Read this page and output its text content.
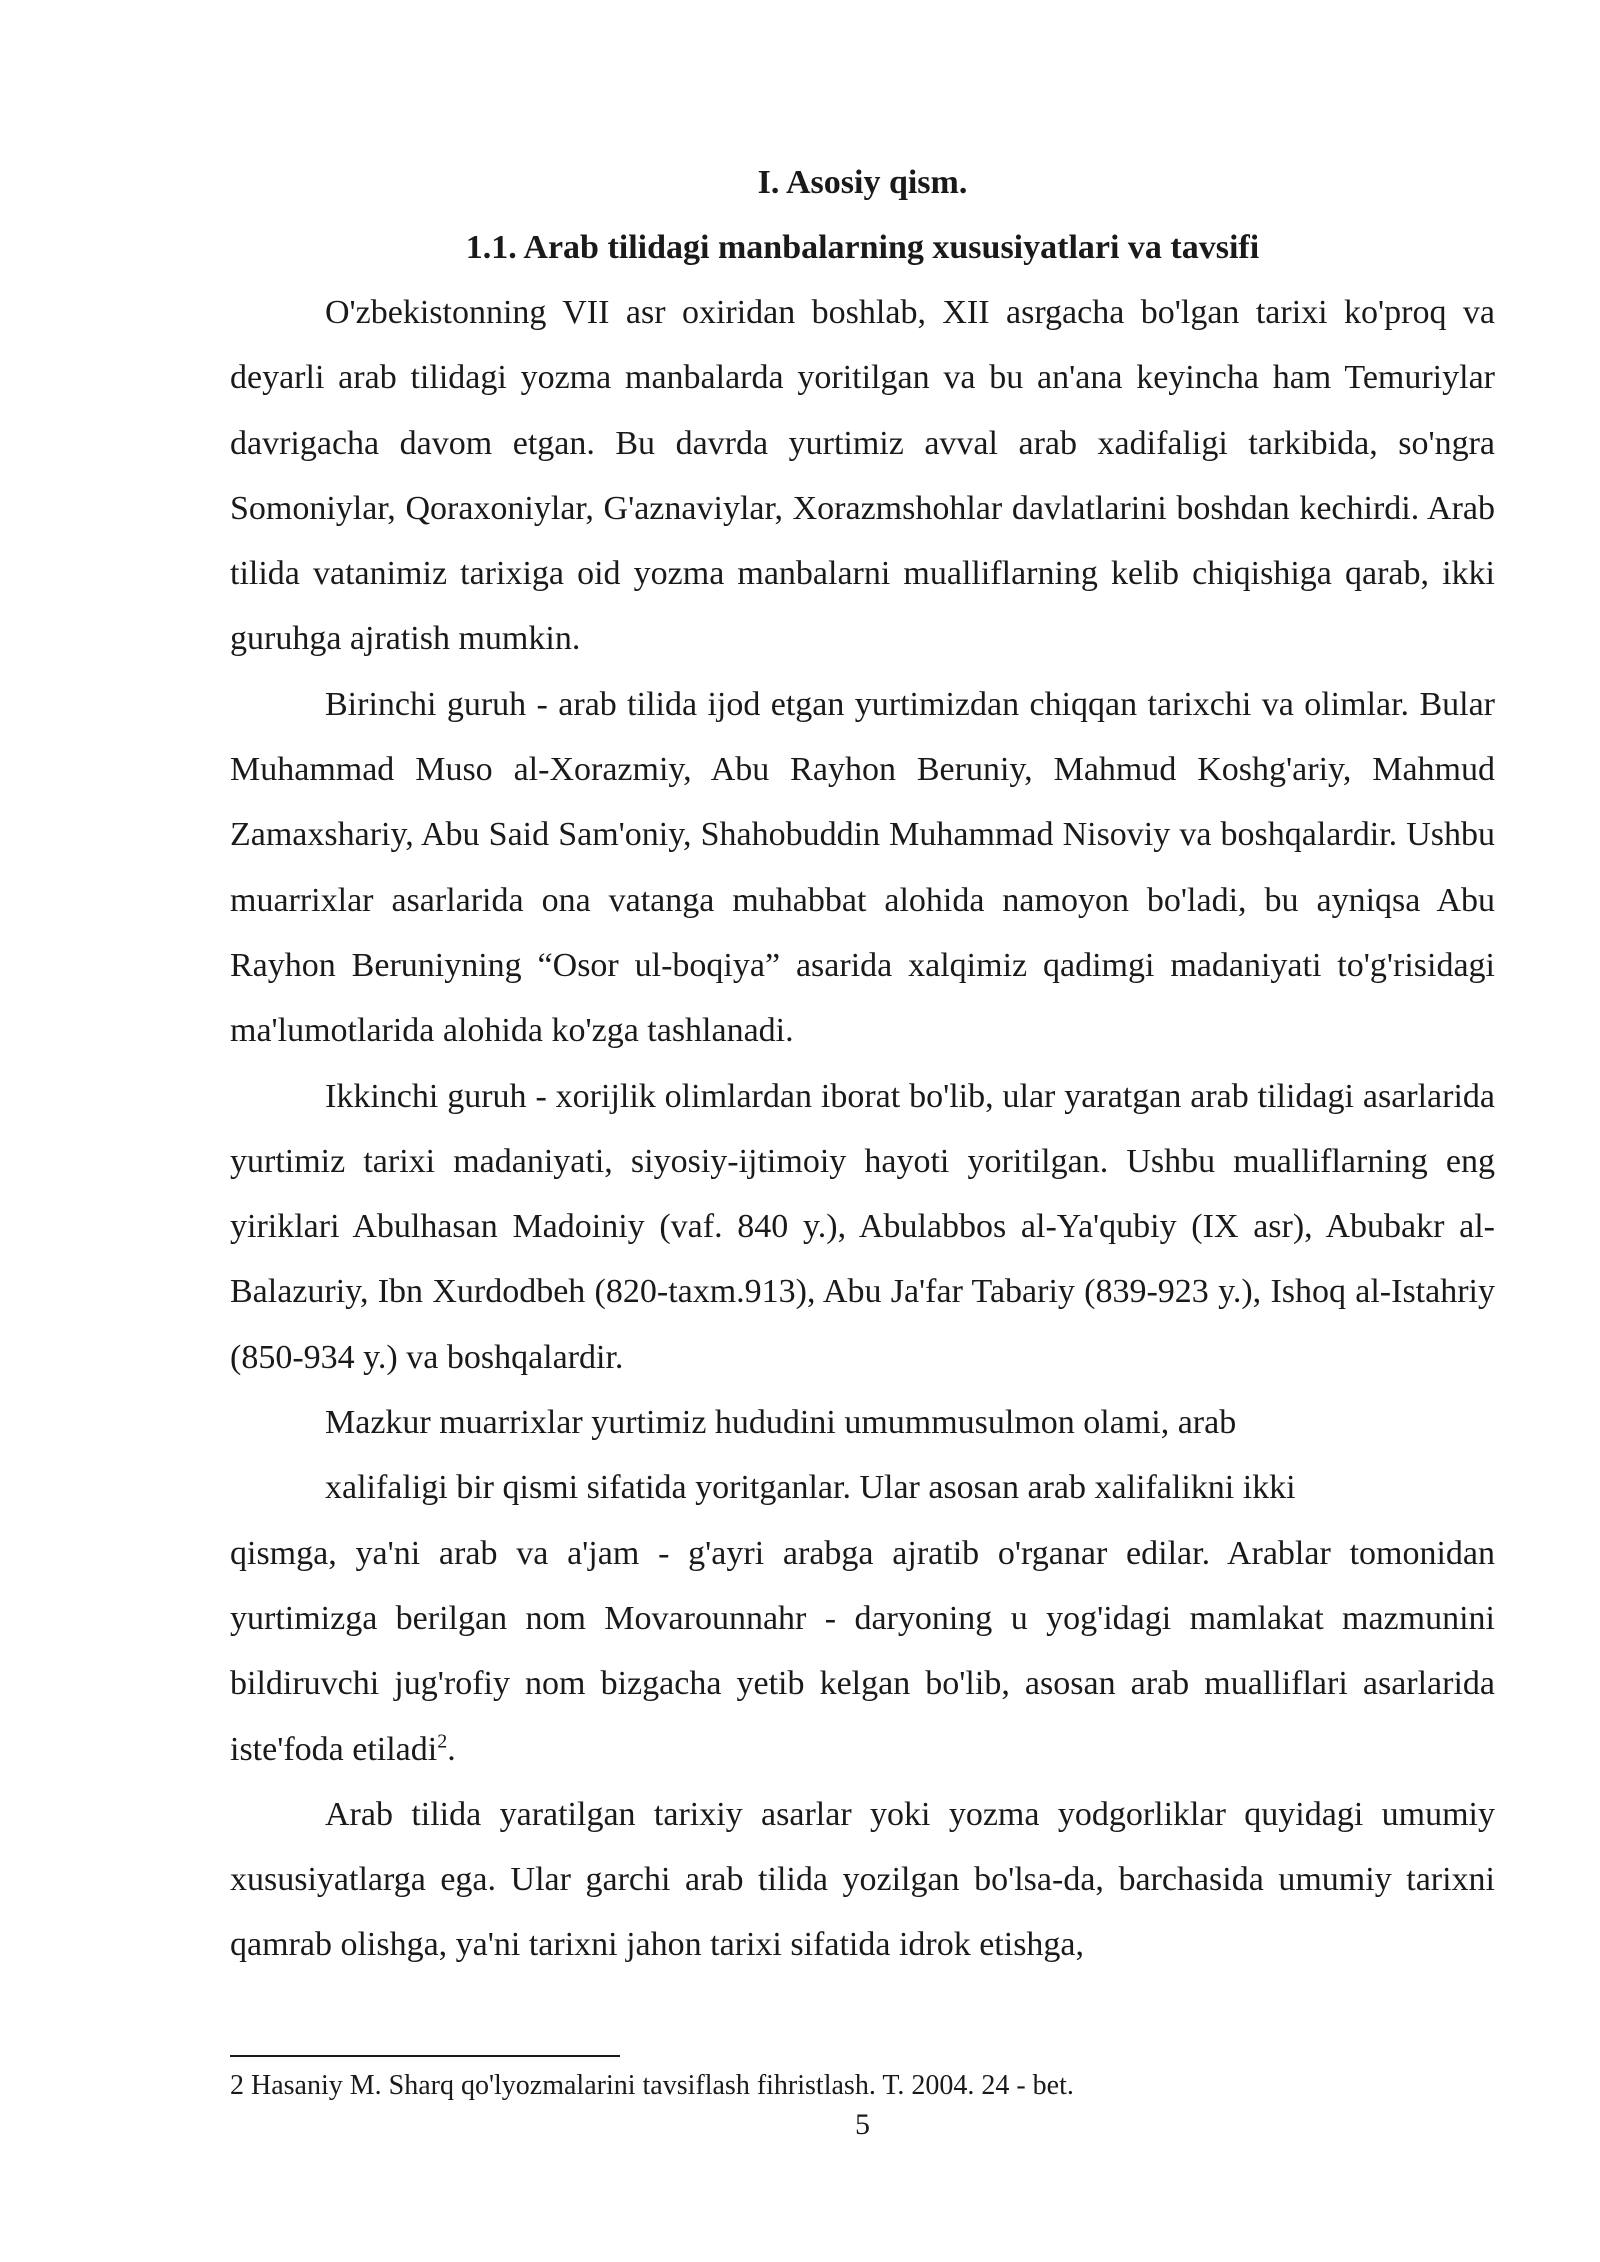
I. Asosiy qism.

1.1. Arab tilidagi manbalarning xususiyatlari va tavsifi

O'zbekistonning VII asr oxiridan boshlab, XII asrgacha bo'lgan tarixi ko'proq va deyarli arab tilidagi yozma manbalarda yoritilgan va bu an'ana keyincha ham Temuriylar davrigacha davom etgan. Bu davrda yurtimiz avval arab xadifaligi tarkibida, so'ngra Somoniylar, Qoraxoniylar, G'aznaviylar, Xorazmshohlar davlatlarini boshdan kechirdi. Arab tilida vatanimiz tarixiga oid yozma manbalarni mualliflarning kelib chiqishiga qarab, ikki guruhga ajratish mumkin.

Birinchi guruh - arab tilida ijod etgan yurtimizdan chiqqan tarixchi va olimlar. Bular Muhammad Muso al-Xorazmiy, Abu Rayhon Beruniy, Mahmud Koshg'ariy, Mahmud Zamaxshariy, Abu Said Sam'oniy, Shahobuddin Muhammad Nisoviy va boshqalardir. Ushbu muarrixlar asarlarida ona vatanga muhabbat alohida namoyon bo'ladi, bu ayniqsa Abu Rayhon Beruniyning “Osor ul-boqiya” asarida xalqimiz qadimgi madaniyati to'g'risidagi ma'lumotlarida alohida ko'zga tashlanadi.

Ikkinchi guruh - xorijlik olimlardan iborat bo'lib, ular yaratgan arab tilidagi asarlarida yurtimiz tarixi madaniyati, siyosiy-ijtimoiy hayoti yoritilgan. Ushbu mualliflarning eng yiriklari Abulhasan Madoiniy (vaf. 840 y.), Abulabbos al-Ya'qubiy (IX asr), Abubakr al-Balazuriy, Ibn Xurdodbeh (820-taxm.913), Abu Ja'far Tabariy (839-923 y.), Ishoq al-Istahriy (850-934 y.) va boshqalardir.

Mazkur muarrixlar yurtimiz hududini umummusulmon olami, arab

xalifaligi bir qismi sifatida yoritganlar. Ular asosan arab xalifalikni ikki

qismga, ya'ni arab va a'jam - g'ayri arabga ajratib o'rganar edilar. Arablar tomonidan yurtimizga berilgan nom Movarounnahr - daryoning u yog'idagi mamlakat mazmunini bildiruvchi jug'rofiy nom bizgacha yetib kelgan bo'lib, asosan arab mualliflari asarlarida iste'foda etiladi$^2$.

Arab tilida yaratilgan tarixiy asarlar yoki yozma yodgorliklar quyidagi umumiy xususiyatlarga ega. Ular garchi arab tilida yozilgan bo'lsa-da, barchasida umumiy tarixni qamrab olishga, ya'ni tarixni jahon tarixi sifatida idrok etishga,

2 Hasaniy M. Sharq qo'lyozmalarini tavsiflash fihristlash. T. 2004. 24 - bet.

5
